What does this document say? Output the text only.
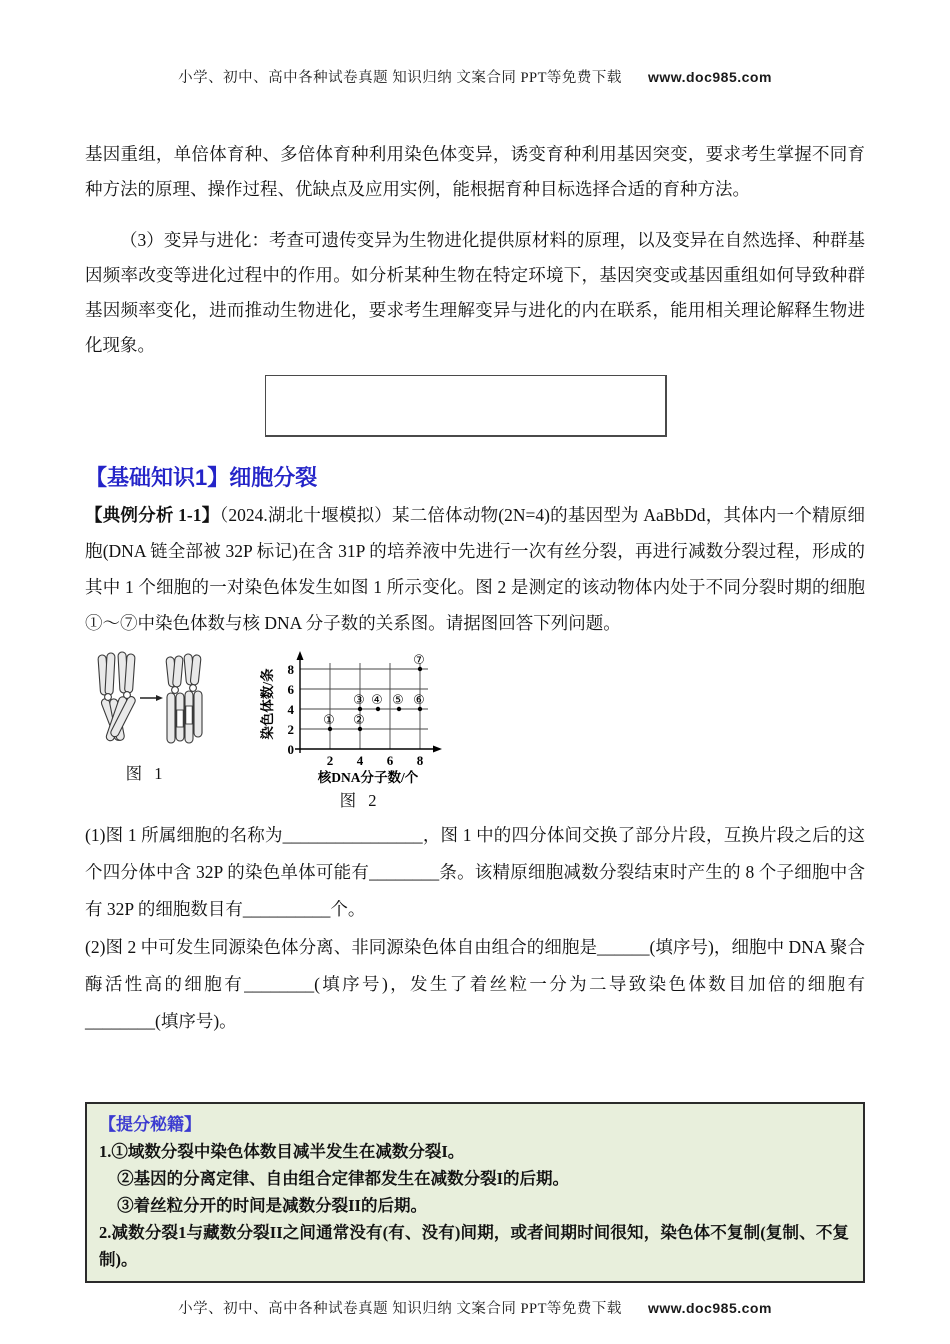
小学、初中、高中各种试卷真题 知识归纳 文案合同 PPT等免费下载 www.doc985.com

基因重组，单倍体育种、多倍体育种利用染色体变异，诱变育种利用基因突变，要求考生掌握不同育种方法的原理、操作过程、优缺点及应用实例，能根据育种目标选择合适的育种方法。

（3）变异与进化：考查可遗传变异为生物进化提供原材料的原理，以及变异在自然选择、种群基因频率改变等进化过程中的作用。如分析某种生物在特定环境下，基因突变或基因重组如何导致种群基因频率变化，进而推动生物进化，要求考生理解变异与进化的内在联系，能用相关理论解释生物进化现象。

【基础知识1】细胞分裂

【典例分析 1-1】（2024.湖北十堰模拟）某二倍体动物(2N=4)的基因型为 AaBbDd，其体内一个精原细胞(DNA 链全部被 32P 标记)在含 31P 的培养液中先进行一次有丝分裂，再进行减数分裂过程，形成的其中 1 个细胞的一对染色体发生如图 1 所示变化。图 2 是测定的该动物体内处于不同分裂时期的细胞①～⑦中染色体数与核 DNA 分子数的关系图。请据图回答下列问题。

图 1
0
2
4
6
8
2 4 6 8
① ②
③ ④ ⑤ ⑥
⑦
染色体数/条
核DNA分子数/个
图 2

(1)图 1 所属细胞的名称为________________，图 1 中的四分体间交换了部分片段，互换片段之后的这个四分体中含 32P 的染色单体可能有________条。该精原细胞减数分裂结束时产生的 8 个子细胞中含有 32P 的细胞数目有__________个。

(2)图 2 中可发生同源染色体分离、非同源染色体自由组合的细胞是______(填序号)，细胞中 DNA 聚合酶活性高的细胞有________(填序号)，发生了着丝粒一分为二导致染色体数目加倍的细胞有________(填序号)。

【提分秘籍】
1.①域数分裂中染色体数目减半发生在减数分裂I。
②基因的分离定律、自由组合定律都发生在减数分裂I的后期。
③着丝粒分开的时间是减数分裂II的后期。
2.减数分裂1与藏数分裂II之间通常没有(有、没有)间期，或者间期时间很知，染色体不复制(复制、不复制)。
小学、初中、高中各种试卷真题 知识归纳 文案合同 PPT等免费下载 www.doc985.com
